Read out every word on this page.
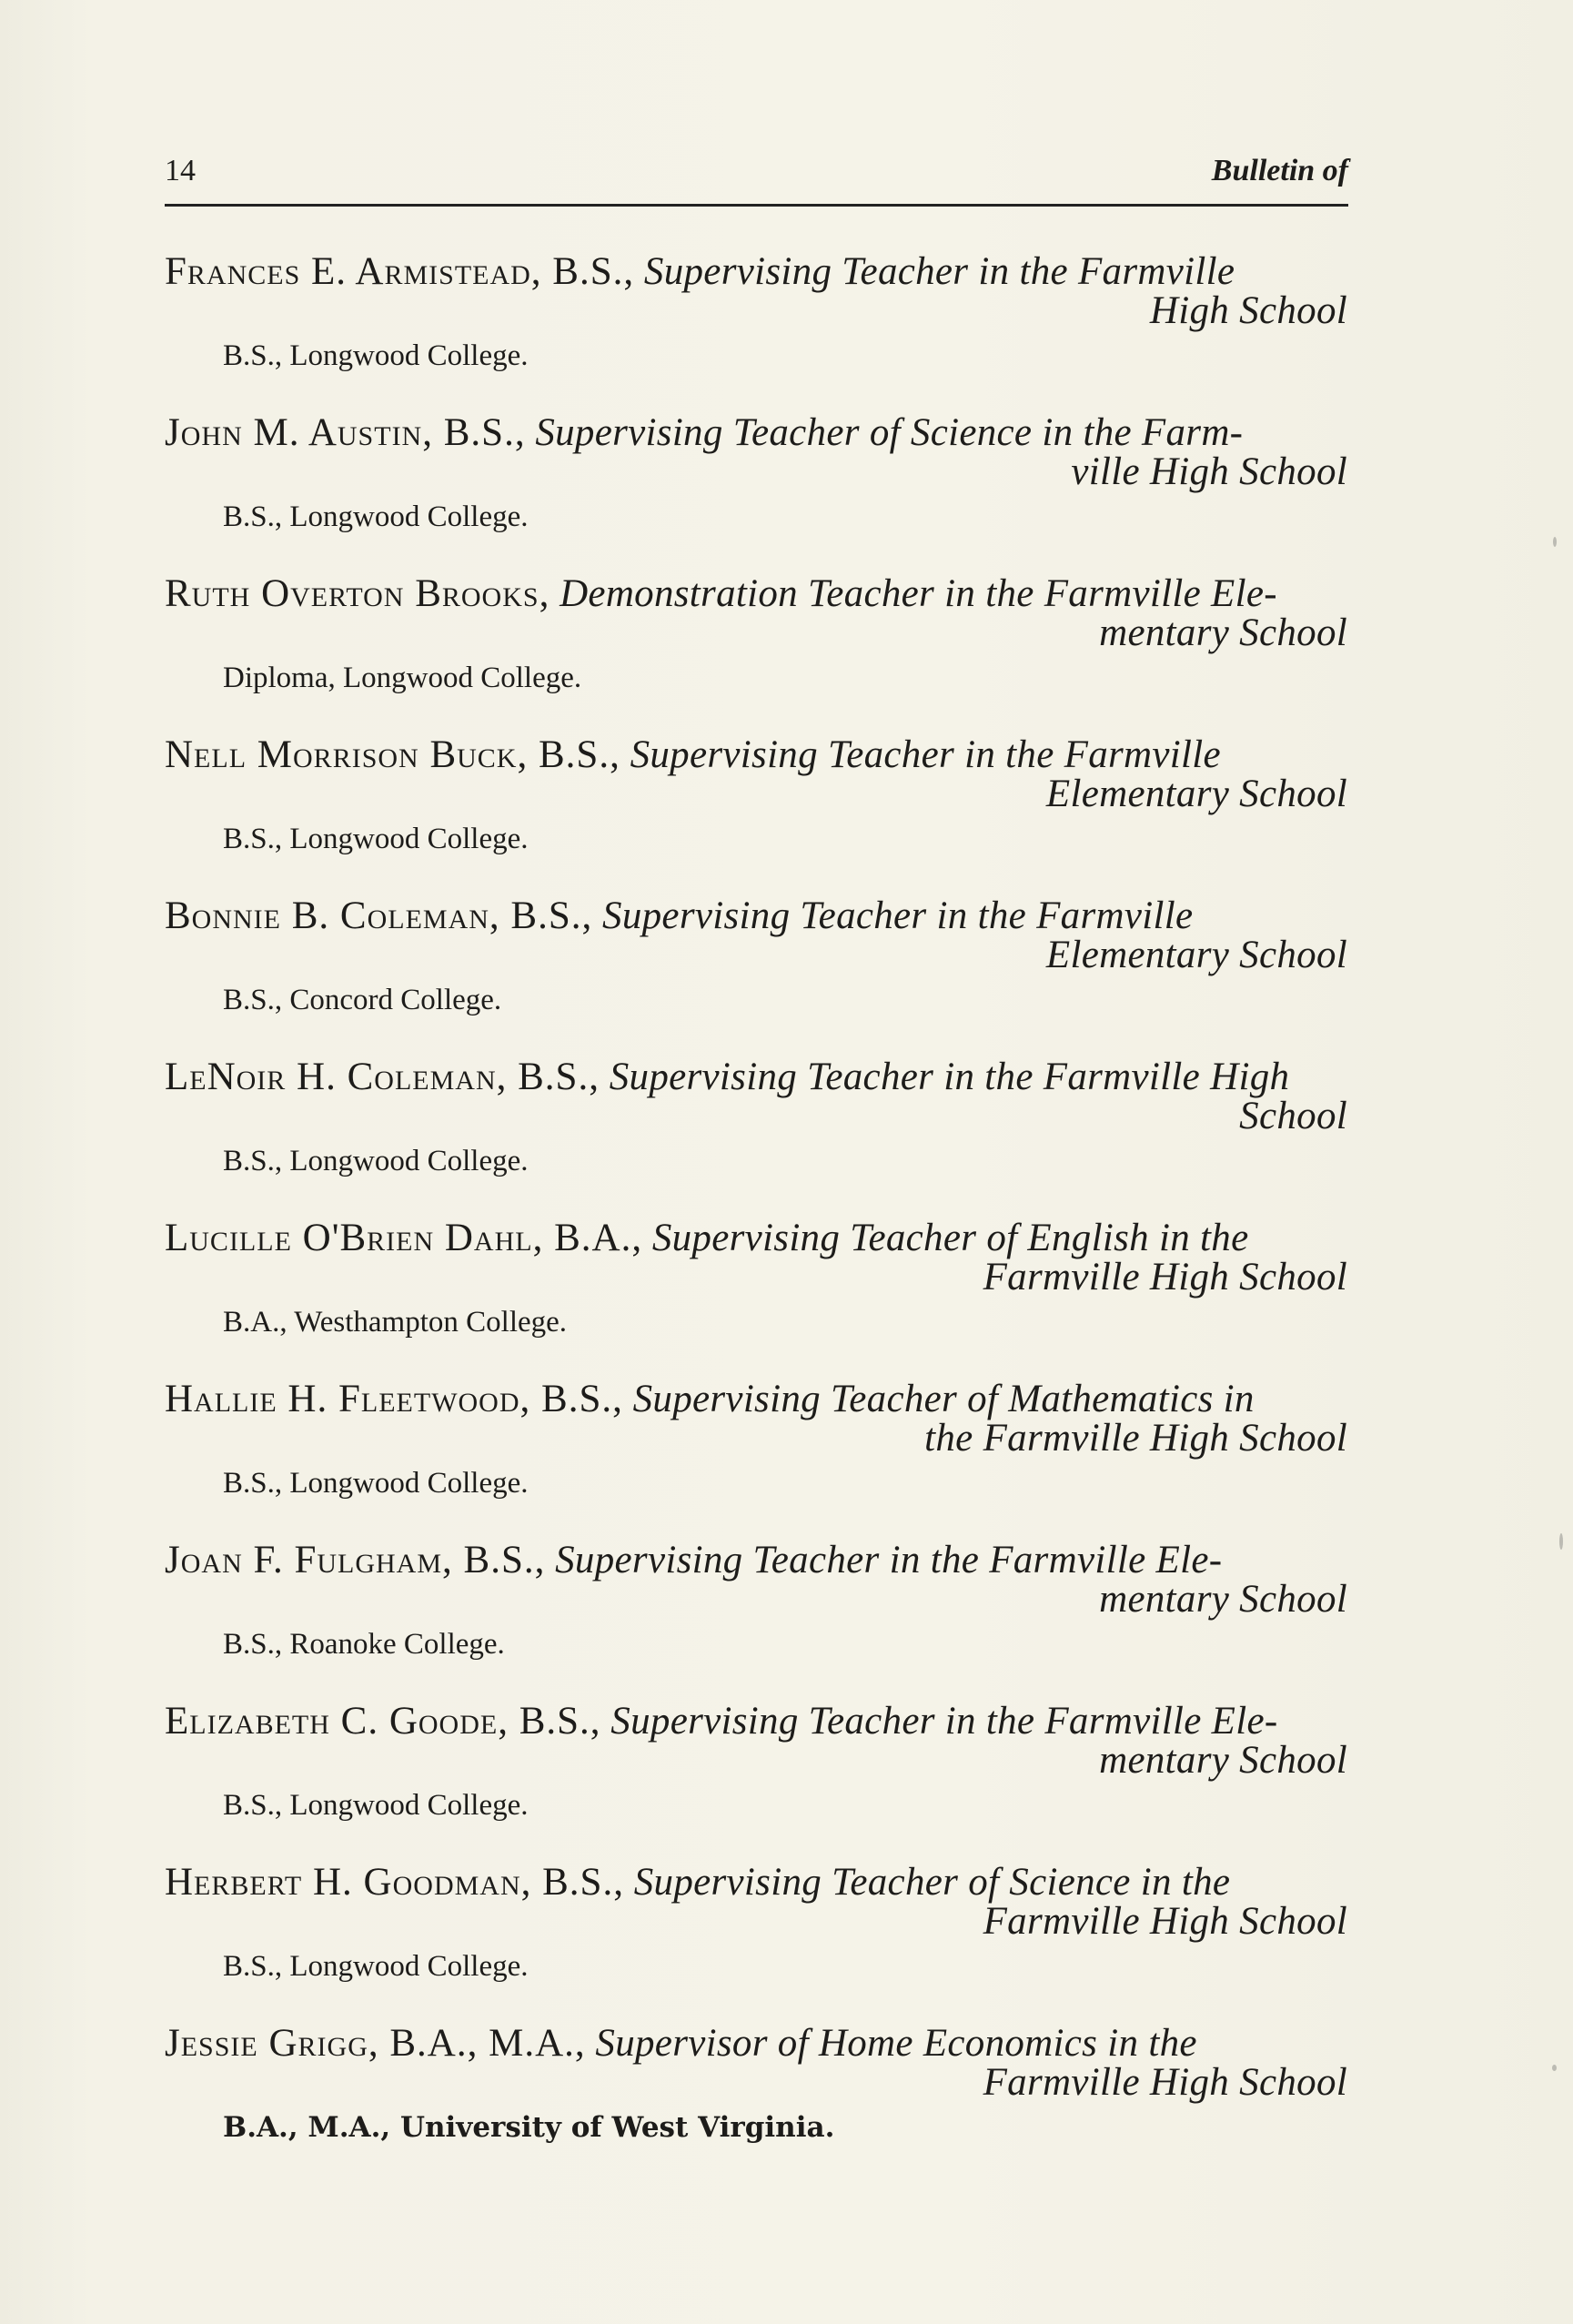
14	Bulletin of
Frances E. Armistead, B.S., Supervising Teacher in the Farmville
High School
B.S., Longwood College.
John M. Austin, B.S., Supervising Teacher of Science in the Farm-
ville High School
B.S., Longwood College.
Ruth Overton Brooks, Demonstration Teacher in the Farmville Ele-
mentary School
Diploma, Longwood College.
Nell Morrison Buck, B.S., Supervising Teacher in the Farmville
Elementary School
B.S., Longwood College.
Bonnie B. Coleman, B.S., Supervising Teacher in the Farmville
Elementary School
B.S., Concord College.
LeNoir H. Coleman, B.S., Supervising Teacher in the Farmville High
School
B.S., Longwood College.
Lucille O'Brien Dahl, B.A., Supervising Teacher of English in the
Farmville High School
B.A., Westhampton College.
Hallie H. Fleetwood, B.S., Supervising Teacher of Mathematics in
the Farmville High School
B.S., Longwood College.
Joan F. Fulgham, B.S., Supervising Teacher in the Farmville Ele-
mentary School
B.S., Roanoke College.
Elizabeth C. Goode, B.S., Supervising Teacher in the Farmville Ele-
mentary School
B.S., Longwood College.
Herbert H. Goodman, B.S., Supervising Teacher of Science in the
Farmville High School
B.S., Longwood College.
Jessie Grigg, B.A., M.A., Supervisor of Home Economics in the
Farmville High School
B.A., M.A., University of West Virginia.
